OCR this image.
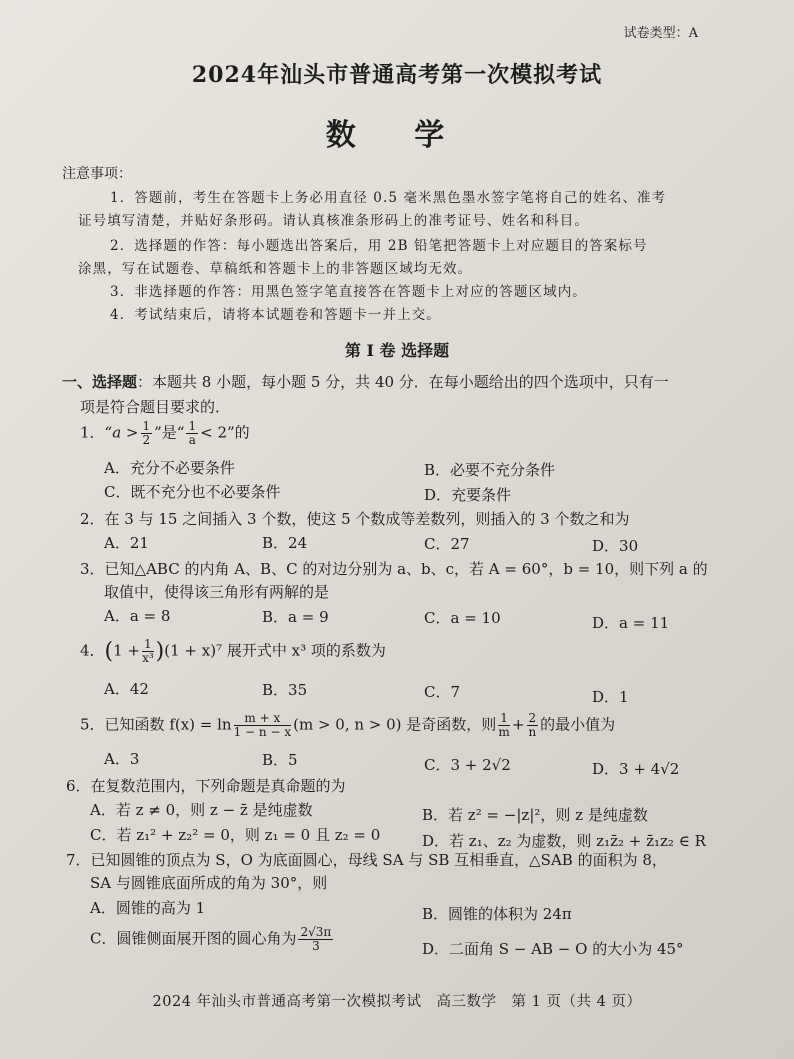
试卷类型：A
2024年汕头市普通高考第一次模拟考试
数 学
注意事项：
1．答题前，考生在答题卡上务必用直径 0.5 毫米黑色墨水签字笔将自己的姓名、准考
证号填写清楚，并贴好条形码。请认真核准条形码上的准考证号、姓名和科目。
2．选择题的作答：每小题选出答案后，用 2B 铅笔把答题卡上对应题目的答案标号
涂黑，写在试题卷、草稿纸和答题卡上的非答题区域均无效。
3．非选择题的作答：用黑色签字笔直接答在答题卡上对应的答题区域内。
4．考试结束后，请将本试题卷和答题卡一并上交。
第 I 卷 选择题
一、选择题：本题共 8 小题，每小题 5 分，共 40 分．在每小题给出的四个选项中，只有一
项是符合题目要求的．
1．“$a > \frac{1}{2}$ ”是“ $\frac{1}{a} < 2$”的
A．充分不必要条件	B．必要不充分条件
C．既不充分也不必要条件	D．充要条件
2．在 3 与 15 之间插入 3 个数，使这 5 个数成等差数列，则插入的 3 个数之和为
A．21	B．24	C．27	D．30
3．已知△ABC 的内角 A、B、C 的对边分别为 a、b、c，若 A = 60°，b = 10，则下列 a 的
取值中，使得该三角形有两解的是
A．a = 8	B．a = 9	C．a = 10	D．a = 11
4．$(1 + \frac{1}{\text{x³}} )(1 + x)^7$ 展开式中 x³ 项的系数为
A．42	B．35	C．7	D．1
5．已知函数 $f(x) = \ln \frac{m + x}{1 - n - x} (m > 0$, n > 0) 是奇函数，则 $\frac{1}{m} + \frac{2}{n}$ 的最小值为
A．3	B．5	C．3 + 2√2	D．3 + 4√2
6．在复数范围内，下列命题是真命题的为
A．若 z ≠ 0，则 z − z̄ 是纯虚数	B．若 z² = −|z|²，则 z 是纯虚数
C．若 z₁² + z₂² = 0，则 z₁ = 0 且 z₂ = 0	D．若 z₁、z₂ 为虚数，则 z₁z̄₂ + z̄₁z₂ ∈ R
7．已知圆锥的顶点为 S，O 为底面圆心，母线 SA 与 SB 互相垂直，△SAB 的面积为 8，
SA 与圆锥底面所成的角为 30°，则
A．圆锥的高为 1	B．圆锥的体积为 24π
C．圆锥侧面展开图的圆心角为 $\frac{2√3\pi}{3}$	D．二面角 S − AB − O 的大小为 45°
2024 年汕头市普通高考第一次模拟考试　高三数学　第 1 页（共 4 页）
